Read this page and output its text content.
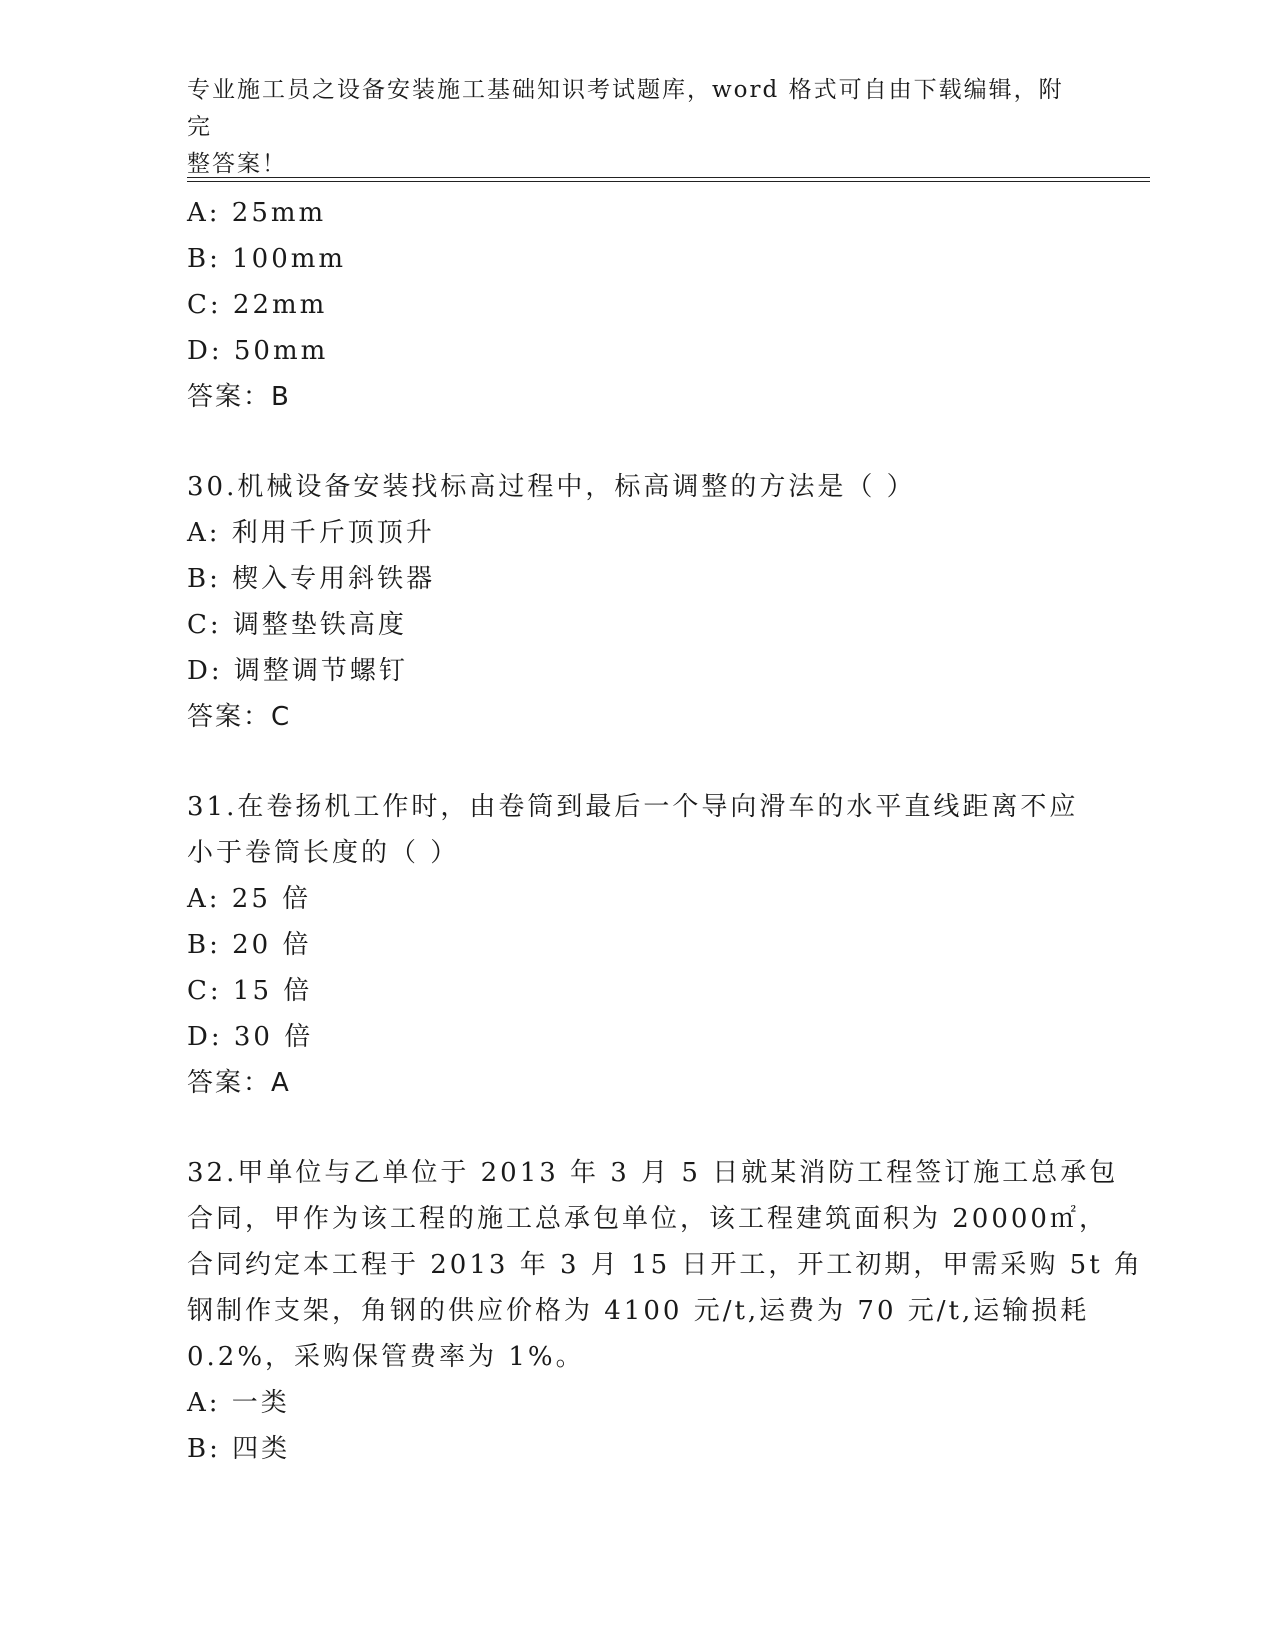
专业施工员之设备安装施工基础知识考试题库，word 格式可自由下载编辑，附完
整答案！
A: 25mm
B: 100mm
C: 22mm
D: 50mm
答案：B
30.机械设备安装找标高过程中，标高调整的方法是（ ）
A: 利用千斤顶顶升
B: 楔入专用斜铁器
C: 调整垫铁高度
D: 调整调节螺钉
答案：C
31.在卷扬机工作时，由卷筒到最后一个导向滑车的水平直线距离不应
小于卷筒长度的（ ）
A: 25 倍
B: 20 倍
C: 15 倍
D: 30 倍
答案：A
32.甲单位与乙单位于 2013 年 3 月 5 日就某消防工程签订施工总承包
合同，甲作为该工程的施工总承包单位，该工程建筑面积为 20000㎡，
合同约定本工程于 2013 年 3 月 15 日开工，开工初期，甲需采购 5t 角
钢制作支架，角钢的供应价格为 4100 元/t,运费为 70 元/t,运输损耗
0.2%，采购保管费率为 1%。
A: 一类
B: 四类
